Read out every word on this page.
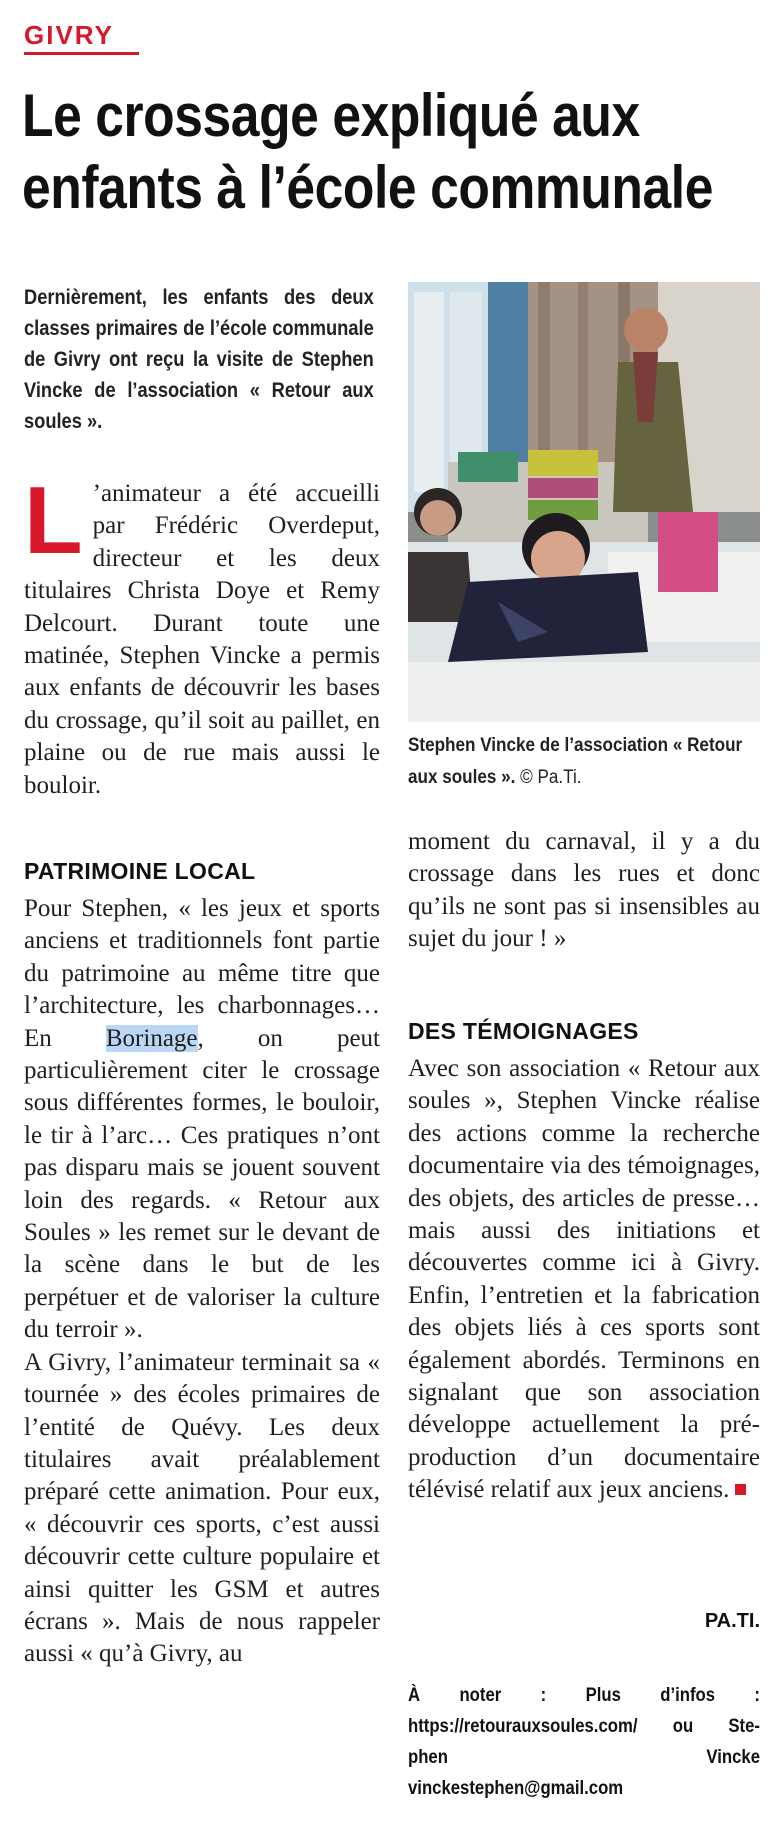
GIVRY
Le crossage expliqué aux
enfants à l’école communale
Dernièrement, les enfants des deux classes primaires de l’école communale de Givry ont reçu la visite de Stephen Vincke de l’association « Retour aux soules ».
Stephen Vincke de l’association « Retour aux soules ». © Pa.Ti.

L ’animateur a été accueilli par Frédéric Overdeput, directeur et les deux titulaires Christa Doye et Remy Delcourt. Durant toute une matinée, Stephen Vincke a permis aux enfants de découvrir les bases du crossage, qu’il soit au paillet, en plaine ou de rue mais aussi le bouloir.

PATRIMOINE LOCAL

Pour Stephen, « les jeux et sports anciens et traditionnels font partie du patrimoine au même titre que l’architecture, les charbonnages… En Borinage, on peut particulièrement citer le crossage sous différentes formes, le bouloir, le tir à l’arc… Ces pratiques n’ont pas disparu mais se jouent souvent loin des regards. « Retour aux Soules » les remet sur le devant de la scène dans le but de les perpétuer et de valoriser la culture du terroir ».

A Givry, l’animateur terminait sa « tournée » des écoles primaires de l’entité de Quévy. Les deux titulaires avait préalablement préparé cette animation. Pour eux, « découvrir ces sports, c’est aussi découvrir cette culture populaire et ainsi quitter les GSM et autres écrans ». Mais de nous rappeler aussi « qu’à Givry, au

moment du carnaval, il y a du crossage dans les rues et donc qu’ils ne sont pas si insensibles au sujet du jour ! »

DES TÉMOIGNAGES

Avec son association « Retour aux soules », Stephen Vincke réalise des actions comme la recherche documentaire via des témoignages, des objets, des articles de presse… mais aussi des initiations et découvertes comme ici à Givry. Enfin, l’entretien et la fabrication des objets liés à ces sports sont également abordés. Terminons en signalant que son association développe actuellement la pré-production d’un documentaire télévisé relatif aux jeux anciens.

PA.TI.
À noter : Plus d’infos :
https://retourauxsoules.com/ ou Ste-
phen Vincke
vinckestephen@gmail.com
